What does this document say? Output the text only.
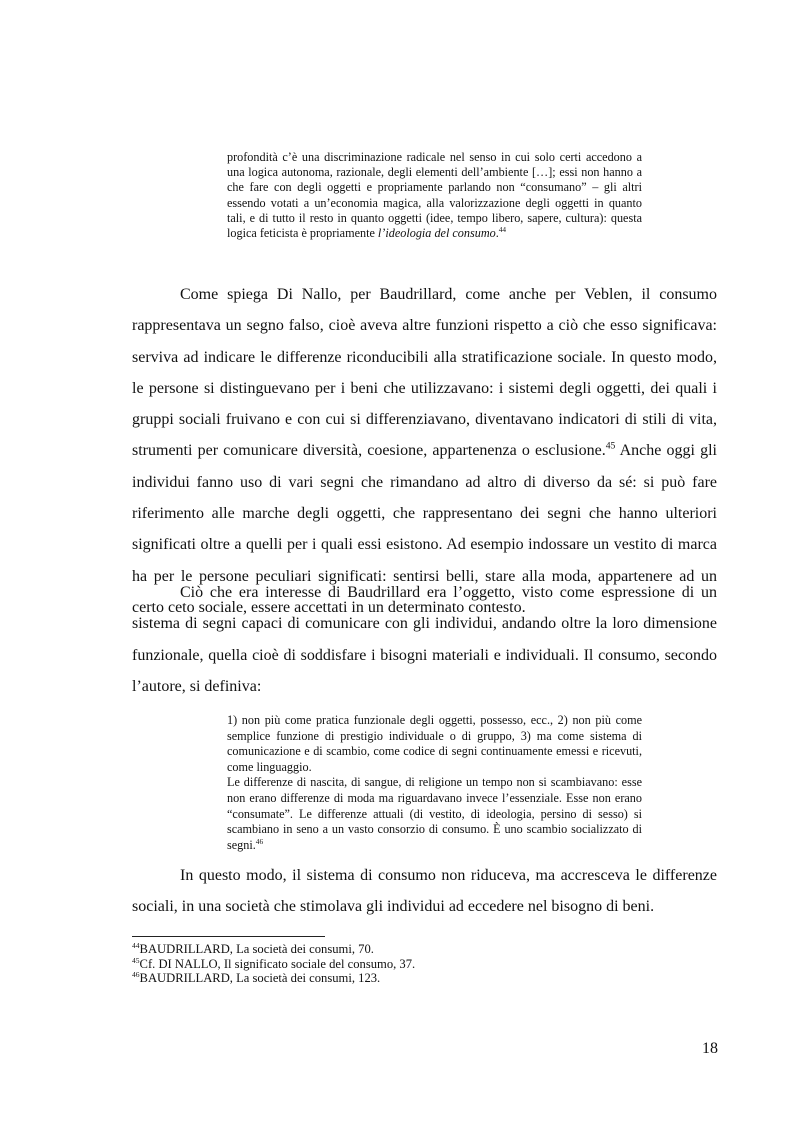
profondità c’è una discriminazione radicale nel senso in cui solo certi accedono a una logica autonoma, razionale, degli elementi dell’ambiente […]; essi non hanno a che fare con degli oggetti e propriamente parlando non “consumano” – gli altri essendo votati a un’economia magica, alla valorizzazione degli oggetti in quanto tali, e di tutto il resto in quanto oggetti (idee, tempo libero, sapere, cultura): questa logica feticista è propriamente l’ideologia del consumo.$^{44}$

Come spiega Di Nallo, per Baudrillard, come anche per Veblen, il consumo rappresentava un segno falso, cioè aveva altre funzioni rispetto a ciò che esso significava: serviva ad indicare le differenze riconducibili alla stratificazione sociale. In questo modo, le persone si distinguevano per i beni che utilizzavano: i sistemi degli oggetti, dei quali i gruppi sociali fruivano e con cui si differenziavano, diventavano indicatori di stili di vita, strumenti per comunicare diversità, coesione, appartenenza o esclusione.$^{45}$ Anche oggi gli individui fanno uso di vari segni che rimandano ad altro di diverso da sé: si può fare riferimento alle marche degli oggetti, che rappresentano dei segni che hanno ulteriori significati oltre a quelli per i quali essi esistono. Ad esempio indossare un vestito di marca ha per le persone peculiari significati: sentirsi belli, stare alla moda, appartenere ad un certo ceto sociale, essere accettati in un determinato contesto.

Ciò che era interesse di Baudrillard era l’oggetto, visto come espressione di un sistema di segni capaci di comunicare con gli individui, andando oltre la loro dimensione funzionale, quella cioè di soddisfare i bisogni materiali e individuali. Il consumo, secondo l’autore, si definiva:

1) non più come pratica funzionale degli oggetti, possesso, ecc., 2) non più come semplice funzione di prestigio individuale o di gruppo, 3) ma come sistema di comunicazione e di scambio, come codice di segni continuamente emessi e ricevuti, come linguaggio.

Le differenze di nascita, di sangue, di religione un tempo non si scambiavano: esse non erano differenze di moda ma riguardavano invece l’essenziale. Esse non erano “consumate”. Le differenze attuali (di vestito, di ideologia, persino di sesso) si scambiano in seno a un vasto consorzio di consumo. È uno scambio socializzato di segni.$^{46}$

In questo modo, il sistema di consumo non riduceva, ma accresceva le differenze sociali, in una società che stimolava gli individui ad eccedere nel bisogno di beni.

$^{44}$BAUDRILLARD, La società dei consumi, 70.
$^{45}$Cf. DI NALLO, Il significato sociale del consumo, 37.
$^{46}$BAUDRILLARD, La società dei consumi, 123.
18
